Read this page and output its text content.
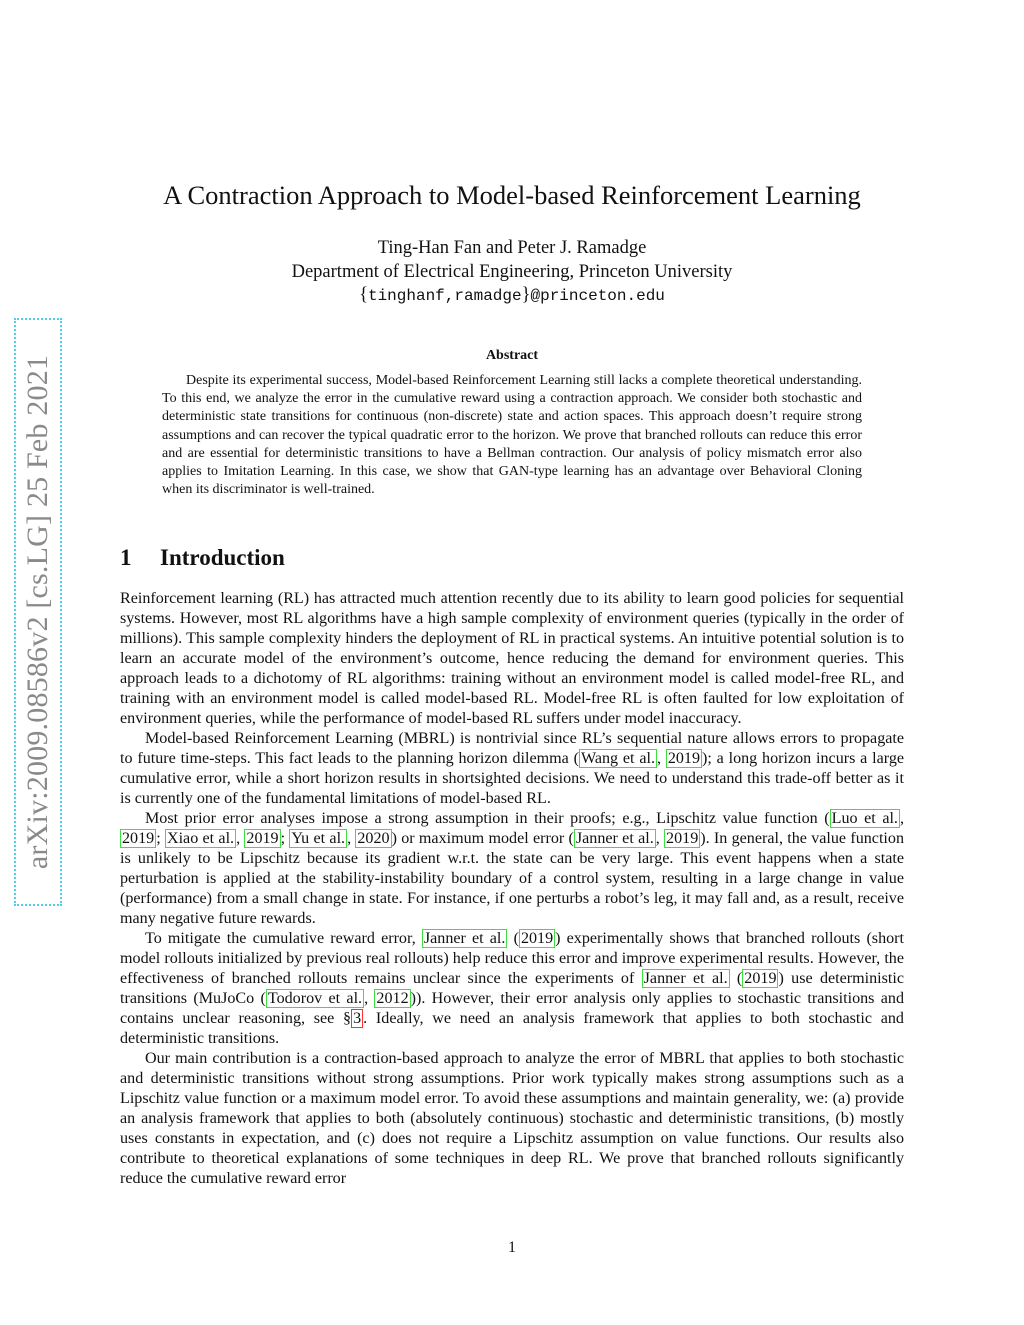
arXiv:2009.08586v2 [cs.LG] 25 Feb 2021
A Contraction Approach to Model-based Reinforcement Learning
Ting-Han Fan and Peter J. Ramadge
Department of Electrical Engineering, Princeton University
{tinghanf,ramadge}@princeton.edu
Abstract

Despite its experimental success, Model-based Reinforcement Learning still lacks a complete theoretical understanding. To this end, we analyze the error in the cumulative reward using a contraction approach. We consider both stochastic and deterministic state transitions for continuous (non-discrete) state and action spaces. This approach doesn’t require strong assumptions and can recover the typical quadratic error to the horizon. We prove that branched rollouts can reduce this error and are essential for deterministic transitions to have a Bellman contraction. Our analysis of policy mismatch error also applies to Imitation Learning. In this case, we show that GAN-type learning has an advantage over Behavioral Cloning when its discriminator is well-trained.

1 Introduction

Reinforcement learning (RL) has attracted much attention recently due to its ability to learn good policies for sequential systems. However, most RL algorithms have a high sample complexity of environment queries (typically in the order of millions). This sample complexity hinders the deployment of RL in practical systems. An intuitive potential solution is to learn an accurate model of the environment’s outcome, hence reducing the demand for environment queries. This approach leads to a dichotomy of RL algorithms: training without an environment model is called model-free RL, and training with an environment model is called model-based RL. Model-free RL is often faulted for low exploitation of environment queries, while the performance of model-based RL suffers under model inaccuracy.

Model-based Reinforcement Learning (MBRL) is nontrivial since RL’s sequential nature allows errors to propagate to future time-steps. This fact leads to the planning horizon dilemma ( Wang et al. , 2019 ); a long horizon incurs a large cumulative error, while a short horizon results in shortsighted decisions. We need to understand this trade-off better as it is currently one of the fundamental limitations of model-based RL.

Most prior error analyses impose a strong assumption in their proofs; e.g., Lipschitz value function ( Luo et al. , 2019 ; Xiao et al. , 2019 ; Yu et al. , 2020 ) or maximum model error ( Janner et al. , 2019 ). In general, the value function is unlikely to be Lipschitz because its gradient w.r.t. the state can be very large. This event happens when a state perturbation is applied at the stability-instability boundary of a control system, resulting in a large change in value (performance) from a small change in state. For instance, if one perturbs a robot’s leg, it may fall and, as a result, receive many negative future rewards.

To mitigate the cumulative reward error, Janner et al. ( 2019 ) experimentally shows that branched rollouts (short model rollouts initialized by previous real rollouts) help reduce this error and improve experimental results. However, the effectiveness of branched rollouts remains unclear since the experiments of Janner et al. ( 2019 ) use deterministic transitions (MuJoCo ( Todorov et al. , 2012 )). However, their error analysis only applies to stochastic transitions and contains unclear reasoning, see § 3 . Ideally, we need an analysis framework that applies to both stochastic and deterministic transitions.

Our main contribution is a contraction-based approach to analyze the error of MBRL that applies to both stochastic and deterministic transitions without strong assumptions. Prior work typically makes strong assumptions such as a Lipschitz value function or a maximum model error. To avoid these assumptions and maintain generality, we: (a) provide an analysis framework that applies to both (absolutely continuous) stochastic and deterministic transitions, (b) mostly uses constants in expectation, and (c) does not require a Lipschitz assumption on value functions. Our results also contribute to theoretical explanations of some techniques in deep RL. We prove that branched rollouts significantly reduce the cumulative reward error

1
